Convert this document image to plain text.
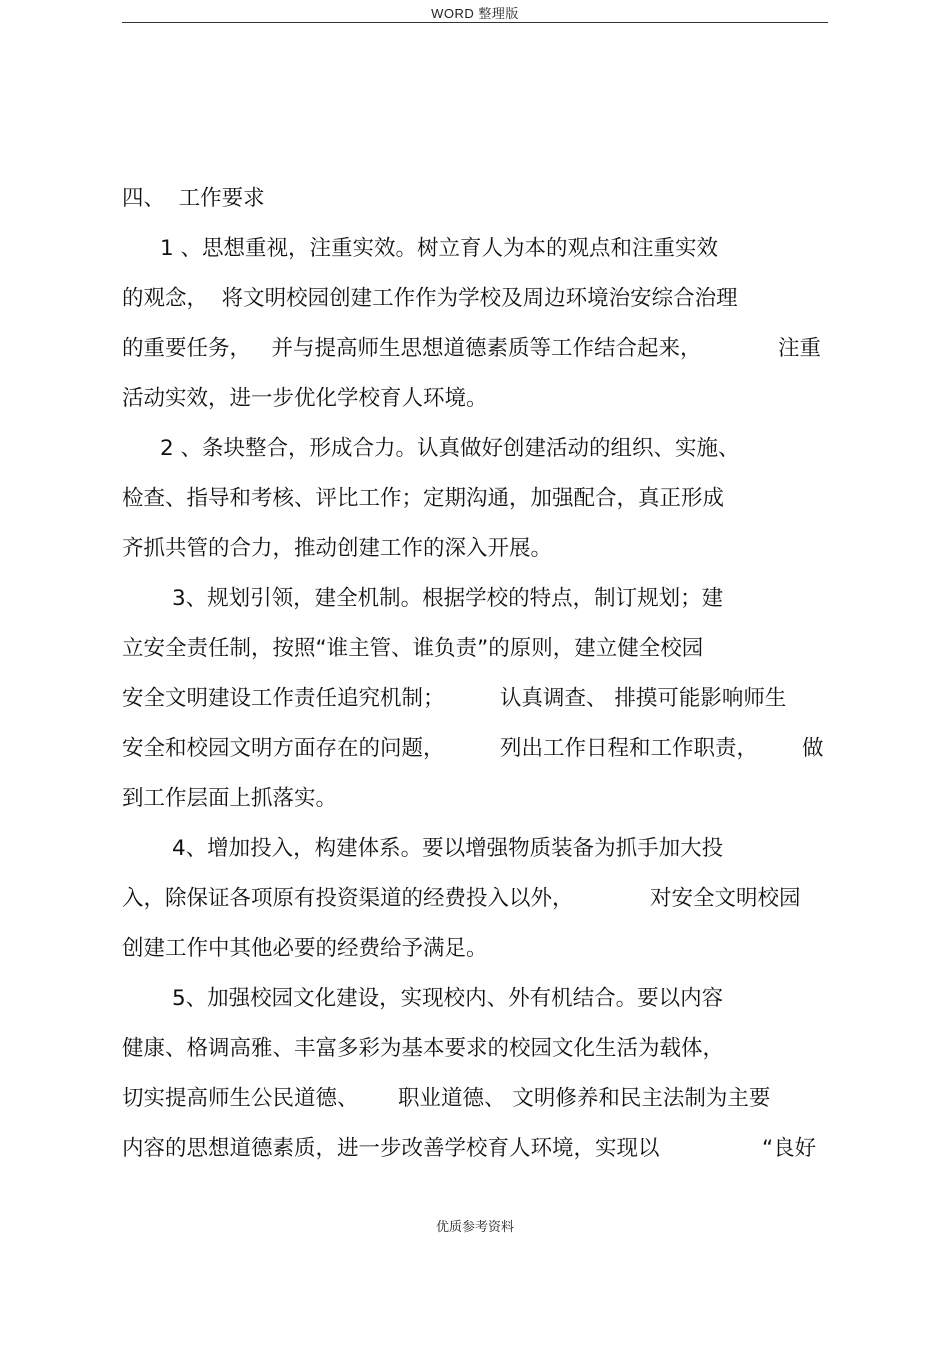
WORD 整理版
四、  工作要求
1 、思想重视，注重实效。树立育人为本的观点和注重实效
的观念，  将文明校园创建工作作为学校及周边环境治安综合治理
的重要任务，   并与提高师生思想道德素质等工作结合起来，	注重
活动实效，进一步优化学校育人环境。
2 、条块整合，形成合力。认真做好创建活动的组织、实施、
检查、指导和考核、评比工作；定期沟通，加强配合，真正形成
齐抓共管的合力，推动创建工作的深入开展。
3、规划引领，建全机制。根据学校的特点，制订规划；建
立安全责任制，按照“谁主管、谁负责”的原则，建立健全校园
安全文明建设工作责任追究机制；	认真调查、 排摸可能影响师生
安全和校园文明方面存在的问题，	列出工作日程和工作职责， 做
到工作层面上抓落实。
4、增加投入，构建体系。要以增强物质装备为抓手加大投
入，除保证各项原有投资渠道的经费投入以外，	对安全文明校园
创建工作中其他必要的经费给予满足。
5、加强校园文化建设，实现校内、外有机结合。要以内容
健康、格调高雅、丰富多彩为基本要求的校园文化生活为载体，
切实提高师生公民道德、 职业道德、 文明修养和民主法制为主要
内容的思想道德素质，进一步改善学校育人环境，实现以	“良好
优质参考资料
